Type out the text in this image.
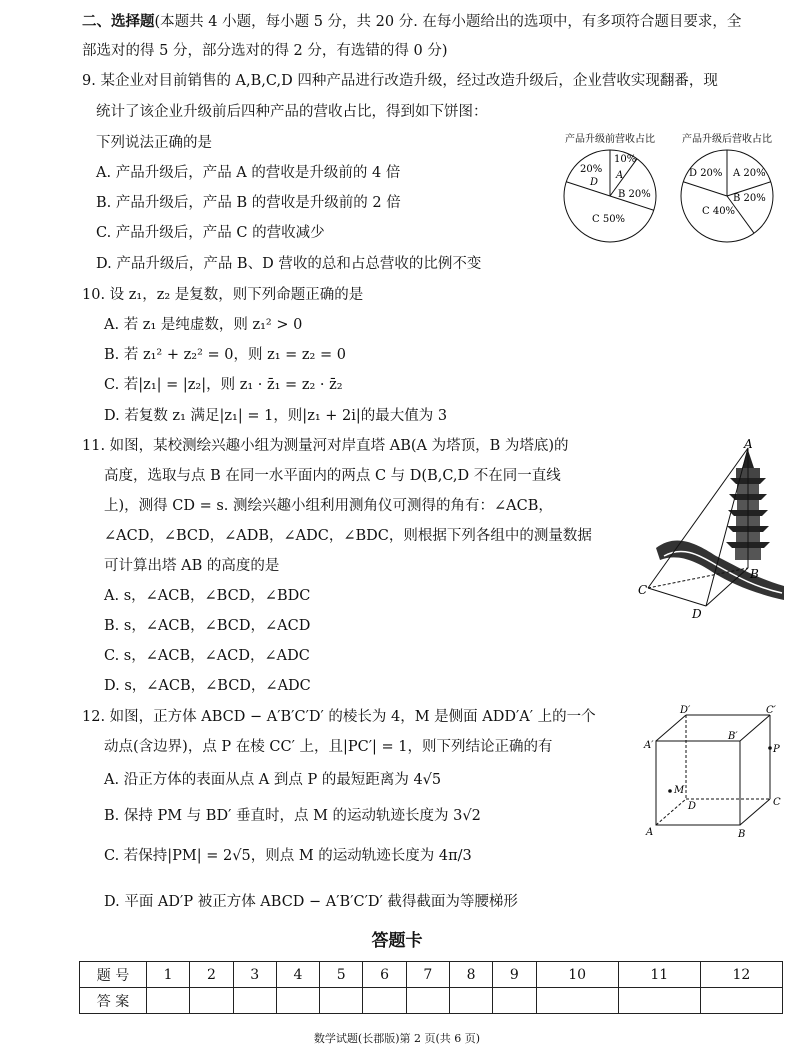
二、选择题(本题共 4 小题，每小题 5 分，共 20 分. 在每小题给出的选项中，有多项符合题目要求，全
部选对的得 5 分，部分选对的得 2 分，有选错的得 0 分)
9. 某企业对目前销售的 A,B,C,D 四种产品进行改造升级，经过改造升级后，企业营收实现翻番，现
统计了该企业升级前后四种产品的营收占比，得到如下饼图：
下列说法正确的是
A. 产品升级后，产品 A 的营收是升级前的 4 倍
B. 产品升级后，产品 B 的营收是升级前的 2 倍
C. 产品升级后，产品 C 的营收减少
D. 产品升级后，产品 B、D 营收的总和占总营收的比例不变
产品升级前营收占比	产品升级后营收占比
20%
D
10%
A
B 20%
C 50%
D 20% A 20%
B 20%
C 40%
10. 设 z₁，z₂ 是复数，则下列命题正确的是
A. 若 z₁ 是纯虚数，则 z₁² > 0
B. 若 z₁² + z₂² = 0，则 z₁ = z₂ = 0
C. 若|z₁| = |z₂|，则 z₁ · z̄₁ = z₂ · z̄₂
D. 若复数 z₁ 满足|z₁| = 1，则|z₁ + 2i|的最大值为 3
11. 如图，某校测绘兴趣小组为测量河对岸直塔 AB(A 为塔顶，B 为塔底)的
高度，选取与点 B 在同一水平面内的两点 C 与 D(B,C,D 不在同一直线
上)，测得 CD = s. 测绘兴趣小组利用测角仪可测得的角有：∠ACB，
∠ACD，∠BCD，∠ADB，∠ADC，∠BDC，则根据下列各组中的测量数据
可计算出塔 AB 的高度的是
A. s，∠ACB，∠BCD，∠BDC
B. s，∠ACB，∠BCD，∠ACD
C. s，∠ACB，∠ACD，∠ADC
D. s，∠ACB，∠BCD，∠ADC
A
B
C
D
12. 如图，正方体 ABCD − A′B′C′D′ 的棱长为 4，M 是侧面 ADD′A′ 上的一个
动点(含边界)，点 P 在棱 CC′ 上，且|PC′| = 1，则下列结论正确的有
A. 沿正方体的表面从点 A 到点 P 的最短距离为 4√5
B. 保持 PM 与 BD′ 垂直时，点 M 的运动轨迹长度为 3√2
C. 若保持|PM| = 2√5，则点 M 的运动轨迹长度为 4π/3
D. 平面 AD′P 被正方体 ABCD − A′B′C′D′ 截得截面为等腰梯形
D′	C′
A′
B′
P
M
D	C
A	B
答题卡
题 号	1	2	3	4	5	6	7	8	9	10	11	12
答 案												
数学试题(长郡版)第 2 页(共 6 页)
